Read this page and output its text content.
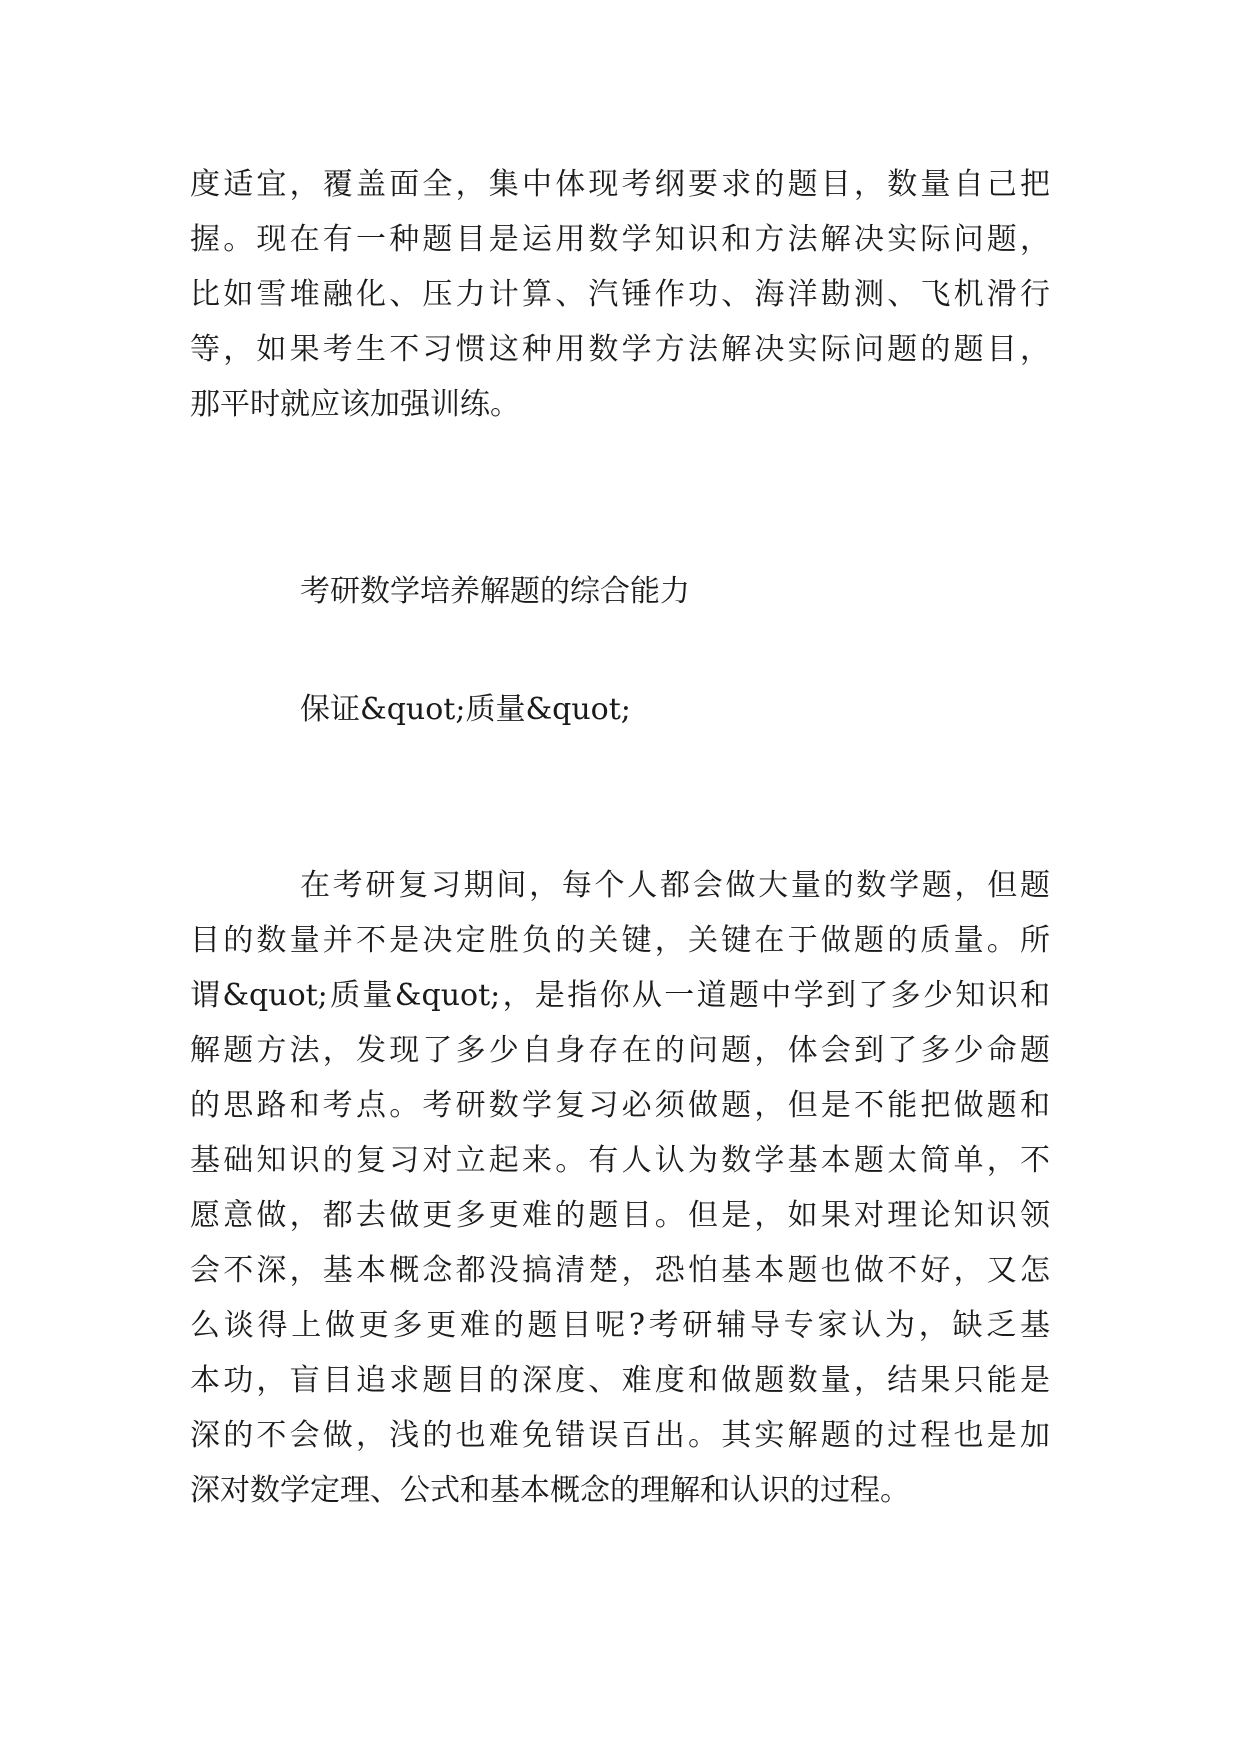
度适宜，覆盖面全，集中体现考纲要求的题目，数量自己把
握。现在有一种题目是运用数学知识和方法解决实际问题，
比如雪堆融化、压力计算、汽锤作功、海洋勘测、飞机滑行
等，如果考生不习惯这种用数学方法解决实际问题的题目，
那平时就应该加强训练。
考研数学培养解题的综合能力
保证&quot;质量&quot;
在考研复习期间，每个人都会做大量的数学题，但题
目的数量并不是决定胜负的关键，关键在于做题的质量。所
谓&quot;质量&quot;，是指你从一道题中学到了多少知识和
解题方法，发现了多少自身存在的问题，体会到了多少命题
的思路和考点。考研数学复习必须做题，但是不能把做题和
基础知识的复习对立起来。有人认为数学基本题太简单，不
愿意做，都去做更多更难的题目。但是，如果对理论知识领
会不深，基本概念都没搞清楚，恐怕基本题也做不好，又怎
么谈得上做更多更难的题目呢?考研辅导专家认为，缺乏基
本功，盲目追求题目的深度、难度和做题数量，结果只能是
深的不会做，浅的也难免错误百出。其实解题的过程也是加
深对数学定理、公式和基本概念的理解和认识的过程。
